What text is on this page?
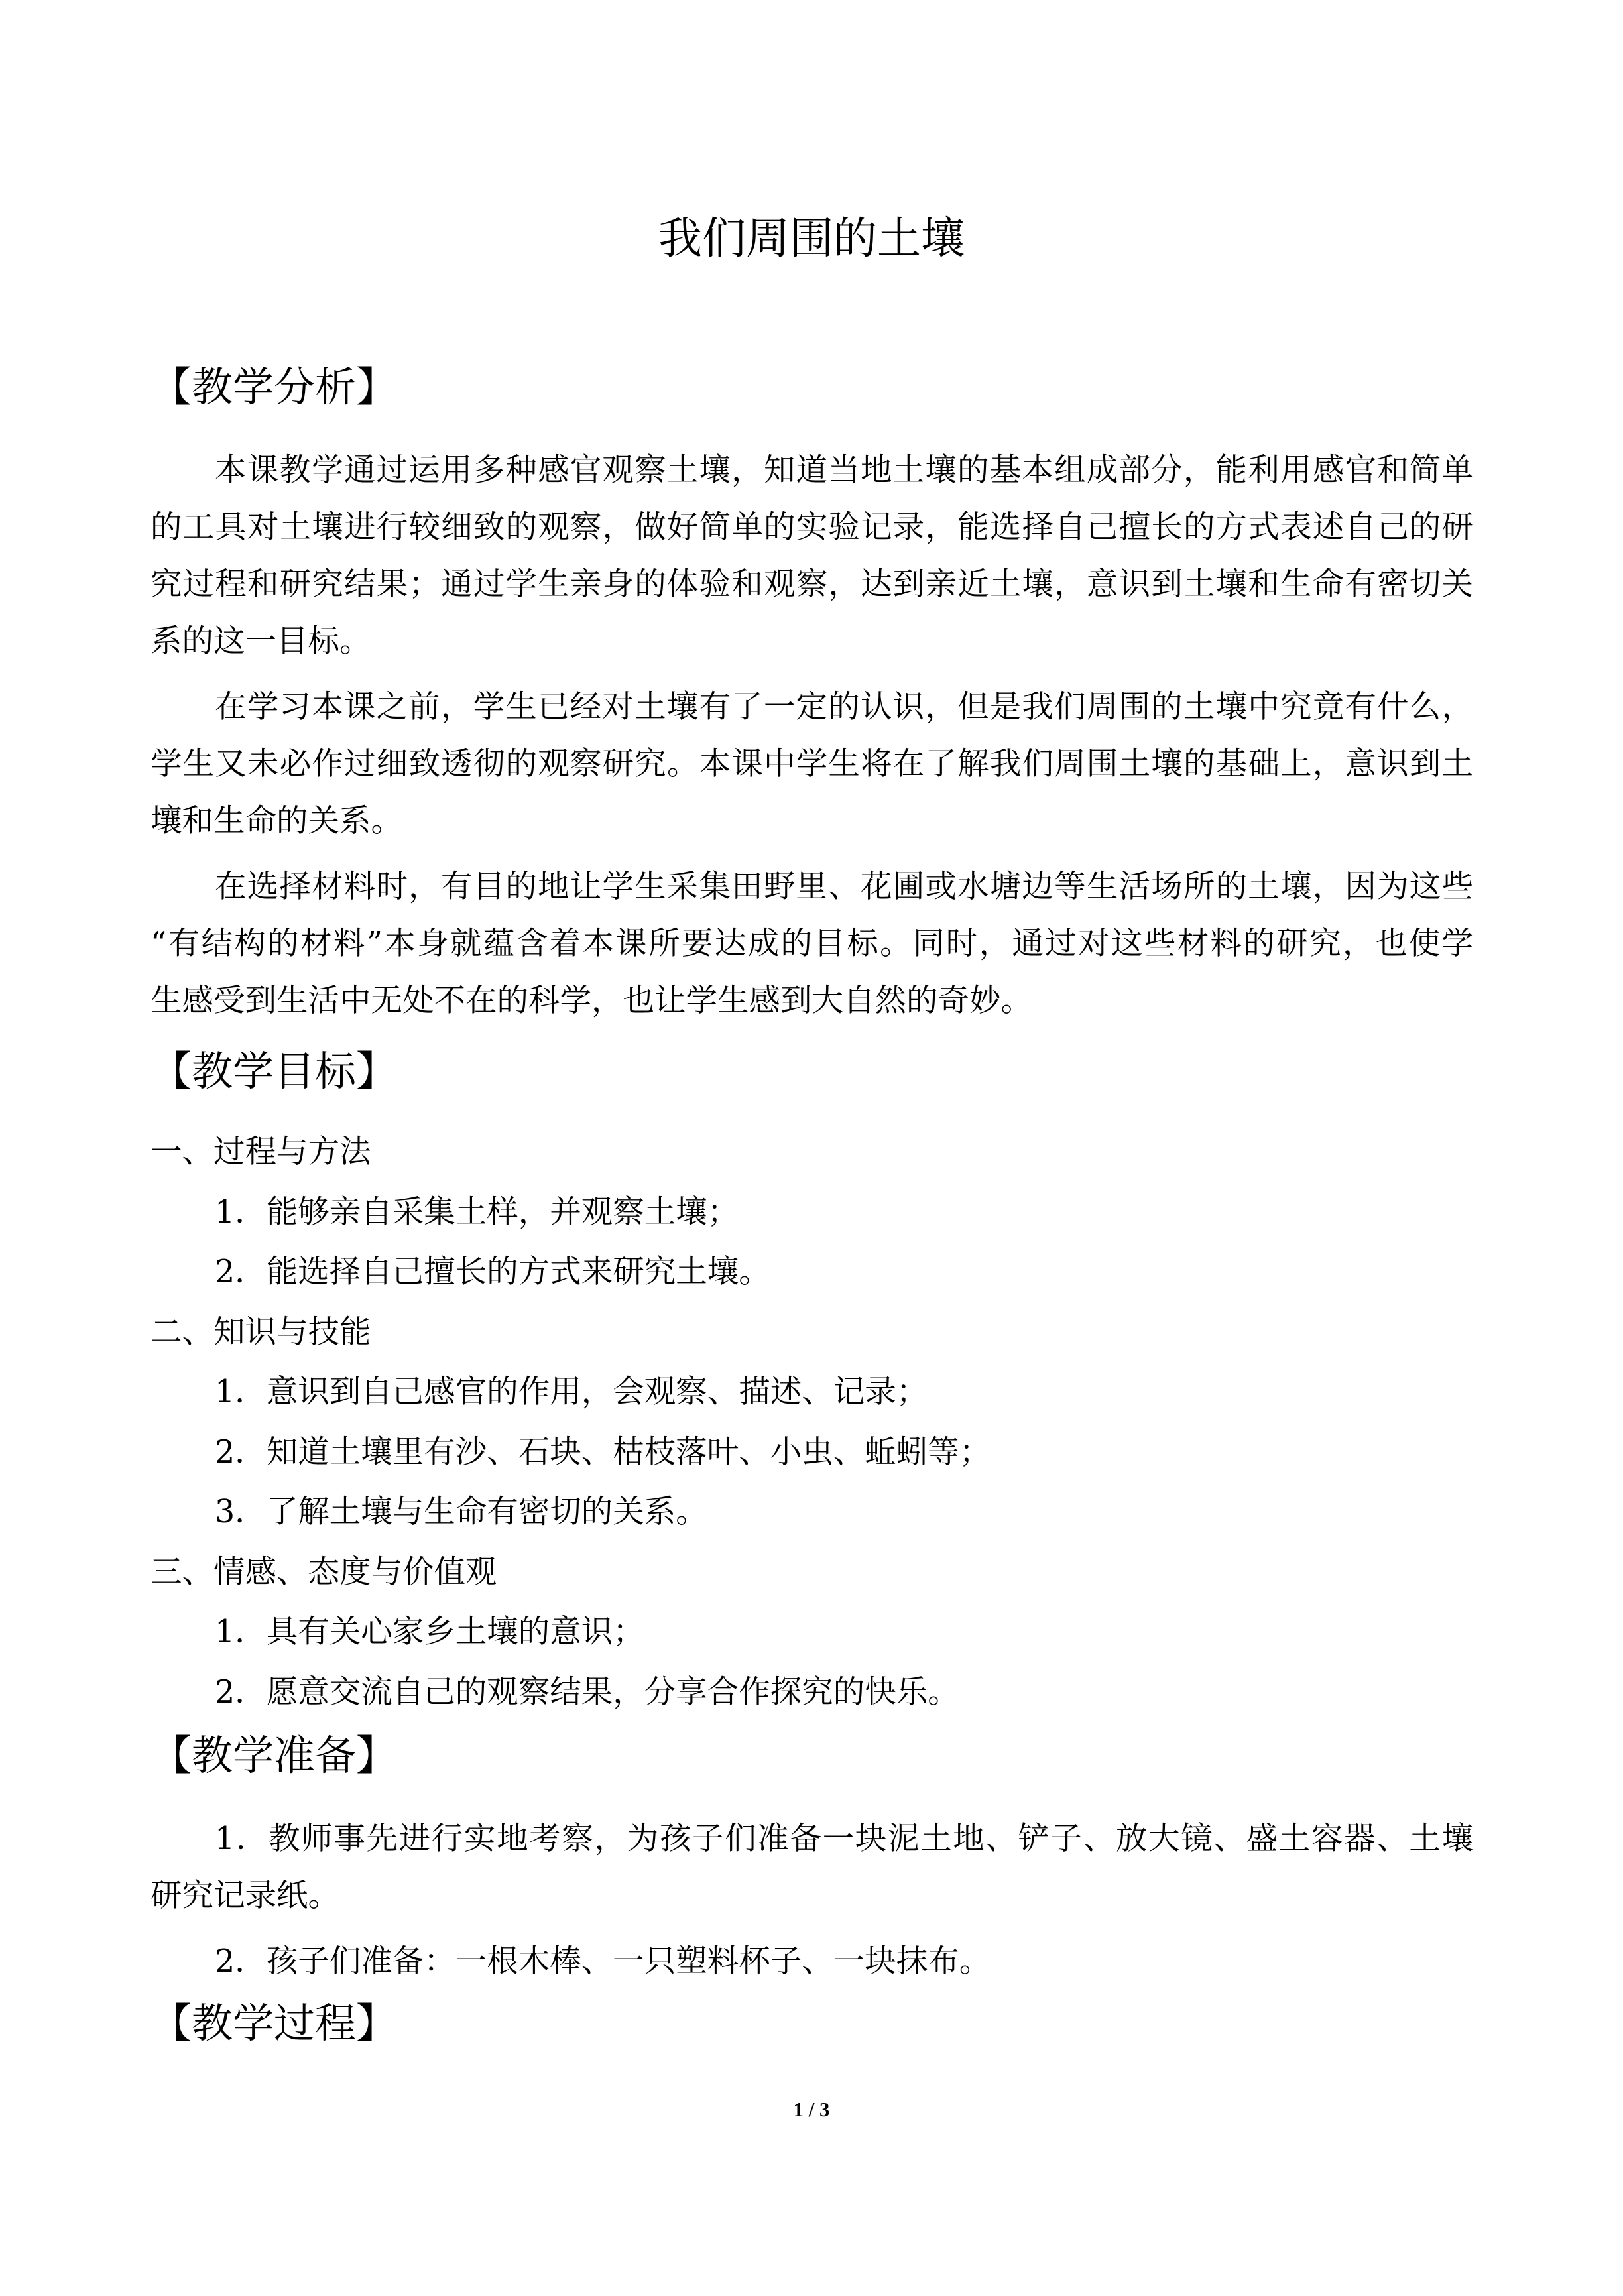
我们周围的土壤
【教学分析】
本课教学通过运用多种感官观察土壤，知道当地土壤的基本组成部分，能利用感官和简单
的工具对土壤进行较细致的观察，做好简单的实验记录，能选择自己擅长的方式表述自己的研
究过程和研究结果；通过学生亲身的体验和观察，达到亲近土壤，意识到土壤和生命有密切关
系的这一目标。
在学习本课之前，学生已经对土壤有了一定的认识，但是我们周围的土壤中究竟有什么，
学生又未必作过细致透彻的观察研究。本课中学生将在了解我们周围土壤的基础上，意识到土
壤和生命的关系。
在选择材料时，有目的地让学生采集田野里、花圃或水塘边等生活场所的土壤，因为这些
“有结构的材料”本身就蕴含着本课所要达成的目标。同时，通过对这些材料的研究，也使学
生感受到生活中无处不在的科学，也让学生感到大自然的奇妙。
【教学目标】
一、过程与方法
1．能够亲自采集土样，并观察土壤；
2．能选择自己擅长的方式来研究土壤。
二、知识与技能
1．意识到自己感官的作用，会观察、描述、记录；
2．知道土壤里有沙、石块、枯枝落叶、小虫、蚯蚓等；
3．了解土壤与生命有密切的关系。
三、情感、态度与价值观
1．具有关心家乡土壤的意识；
2．愿意交流自己的观察结果，分享合作探究的快乐。
【教学准备】
1．教师事先进行实地考察，为孩子们准备一块泥土地、铲子、放大镜、盛土容器、土壤
研究记录纸。
2．孩子们准备：一根木棒、一只塑料杯子、一块抹布。
【教学过程】
1 / 3
